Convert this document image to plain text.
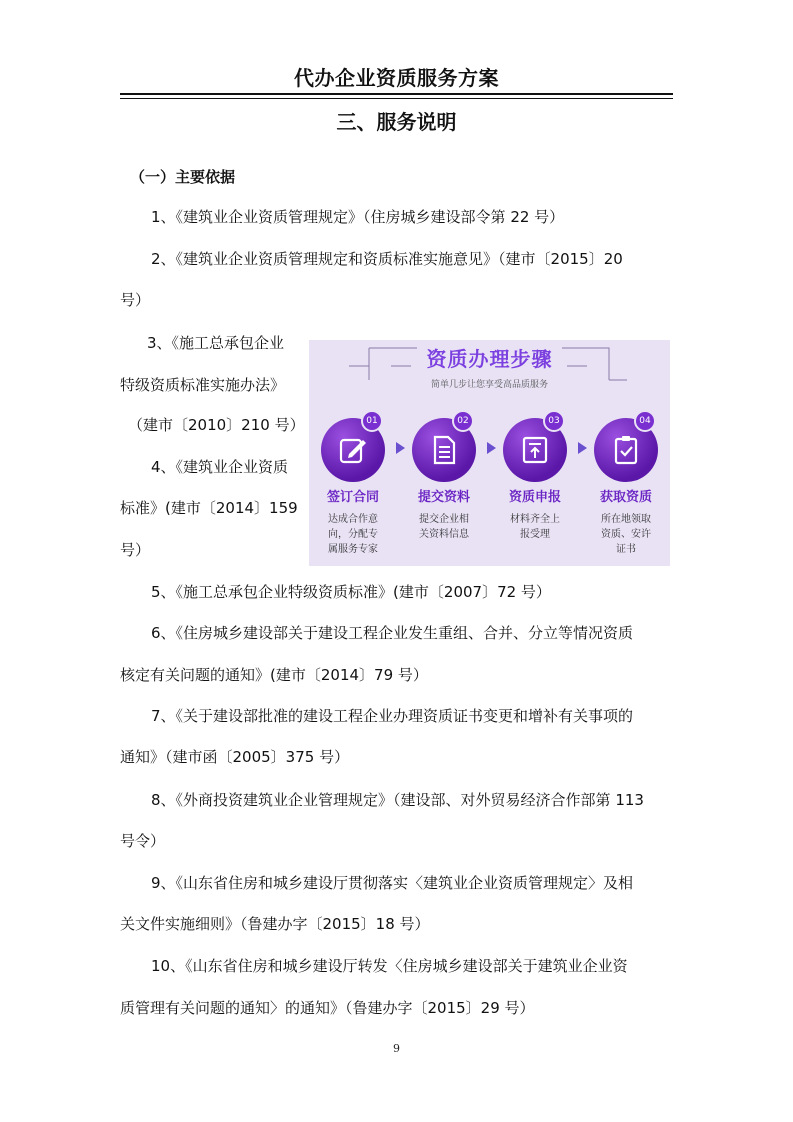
代办企业资质服务方案
三、服务说明
（一）主要依据
1、《建筑业企业资质管理规定》（住房城乡建设部令第 22 号）
2、《建筑业企业资质管理规定和资质标准实施意见》（建市〔2015〕20
号）
3、《施工总承包企业
特级资质标准实施办法》
（建市〔2010〕210 号）
4、《建筑业企业资质
标准》(建市〔2014〕159
号）
5、《施工总承包企业特级资质标准》(建市〔2007〕72 号）
6、《住房城乡建设部关于建设工程企业发生重组、合并、分立等情况资质
核定有关问题的通知》(建市〔2014〕79 号）
7、《关于建设部批准的建设工程企业办理资质证书变更和增补有关事项的
通知》（建市函〔2005〕375 号）
8、《外商投资建筑业企业管理规定》（建设部、对外贸易经济合作部第 113
号令）
9、《山东省住房和城乡建设厅贯彻落实〈建筑业企业资质管理规定〉及相
关文件实施细则》（鲁建办字〔2015〕18 号）
10、《山东省住房和城乡建设厅转发〈住房城乡建设部关于建筑业企业资
质管理有关问题的通知〉的通知》（鲁建办字〔2015〕29 号）
资质办理步骤
简单几步让您享受高品质服务
01
签订合同
达成合作意
向，分配专
属服务专家
02
提交资料
提交企业相
关资料信息
03
资质申报
材料齐全上
报受理
04
获取资质
所在地领取
资质、安许
证书
9
